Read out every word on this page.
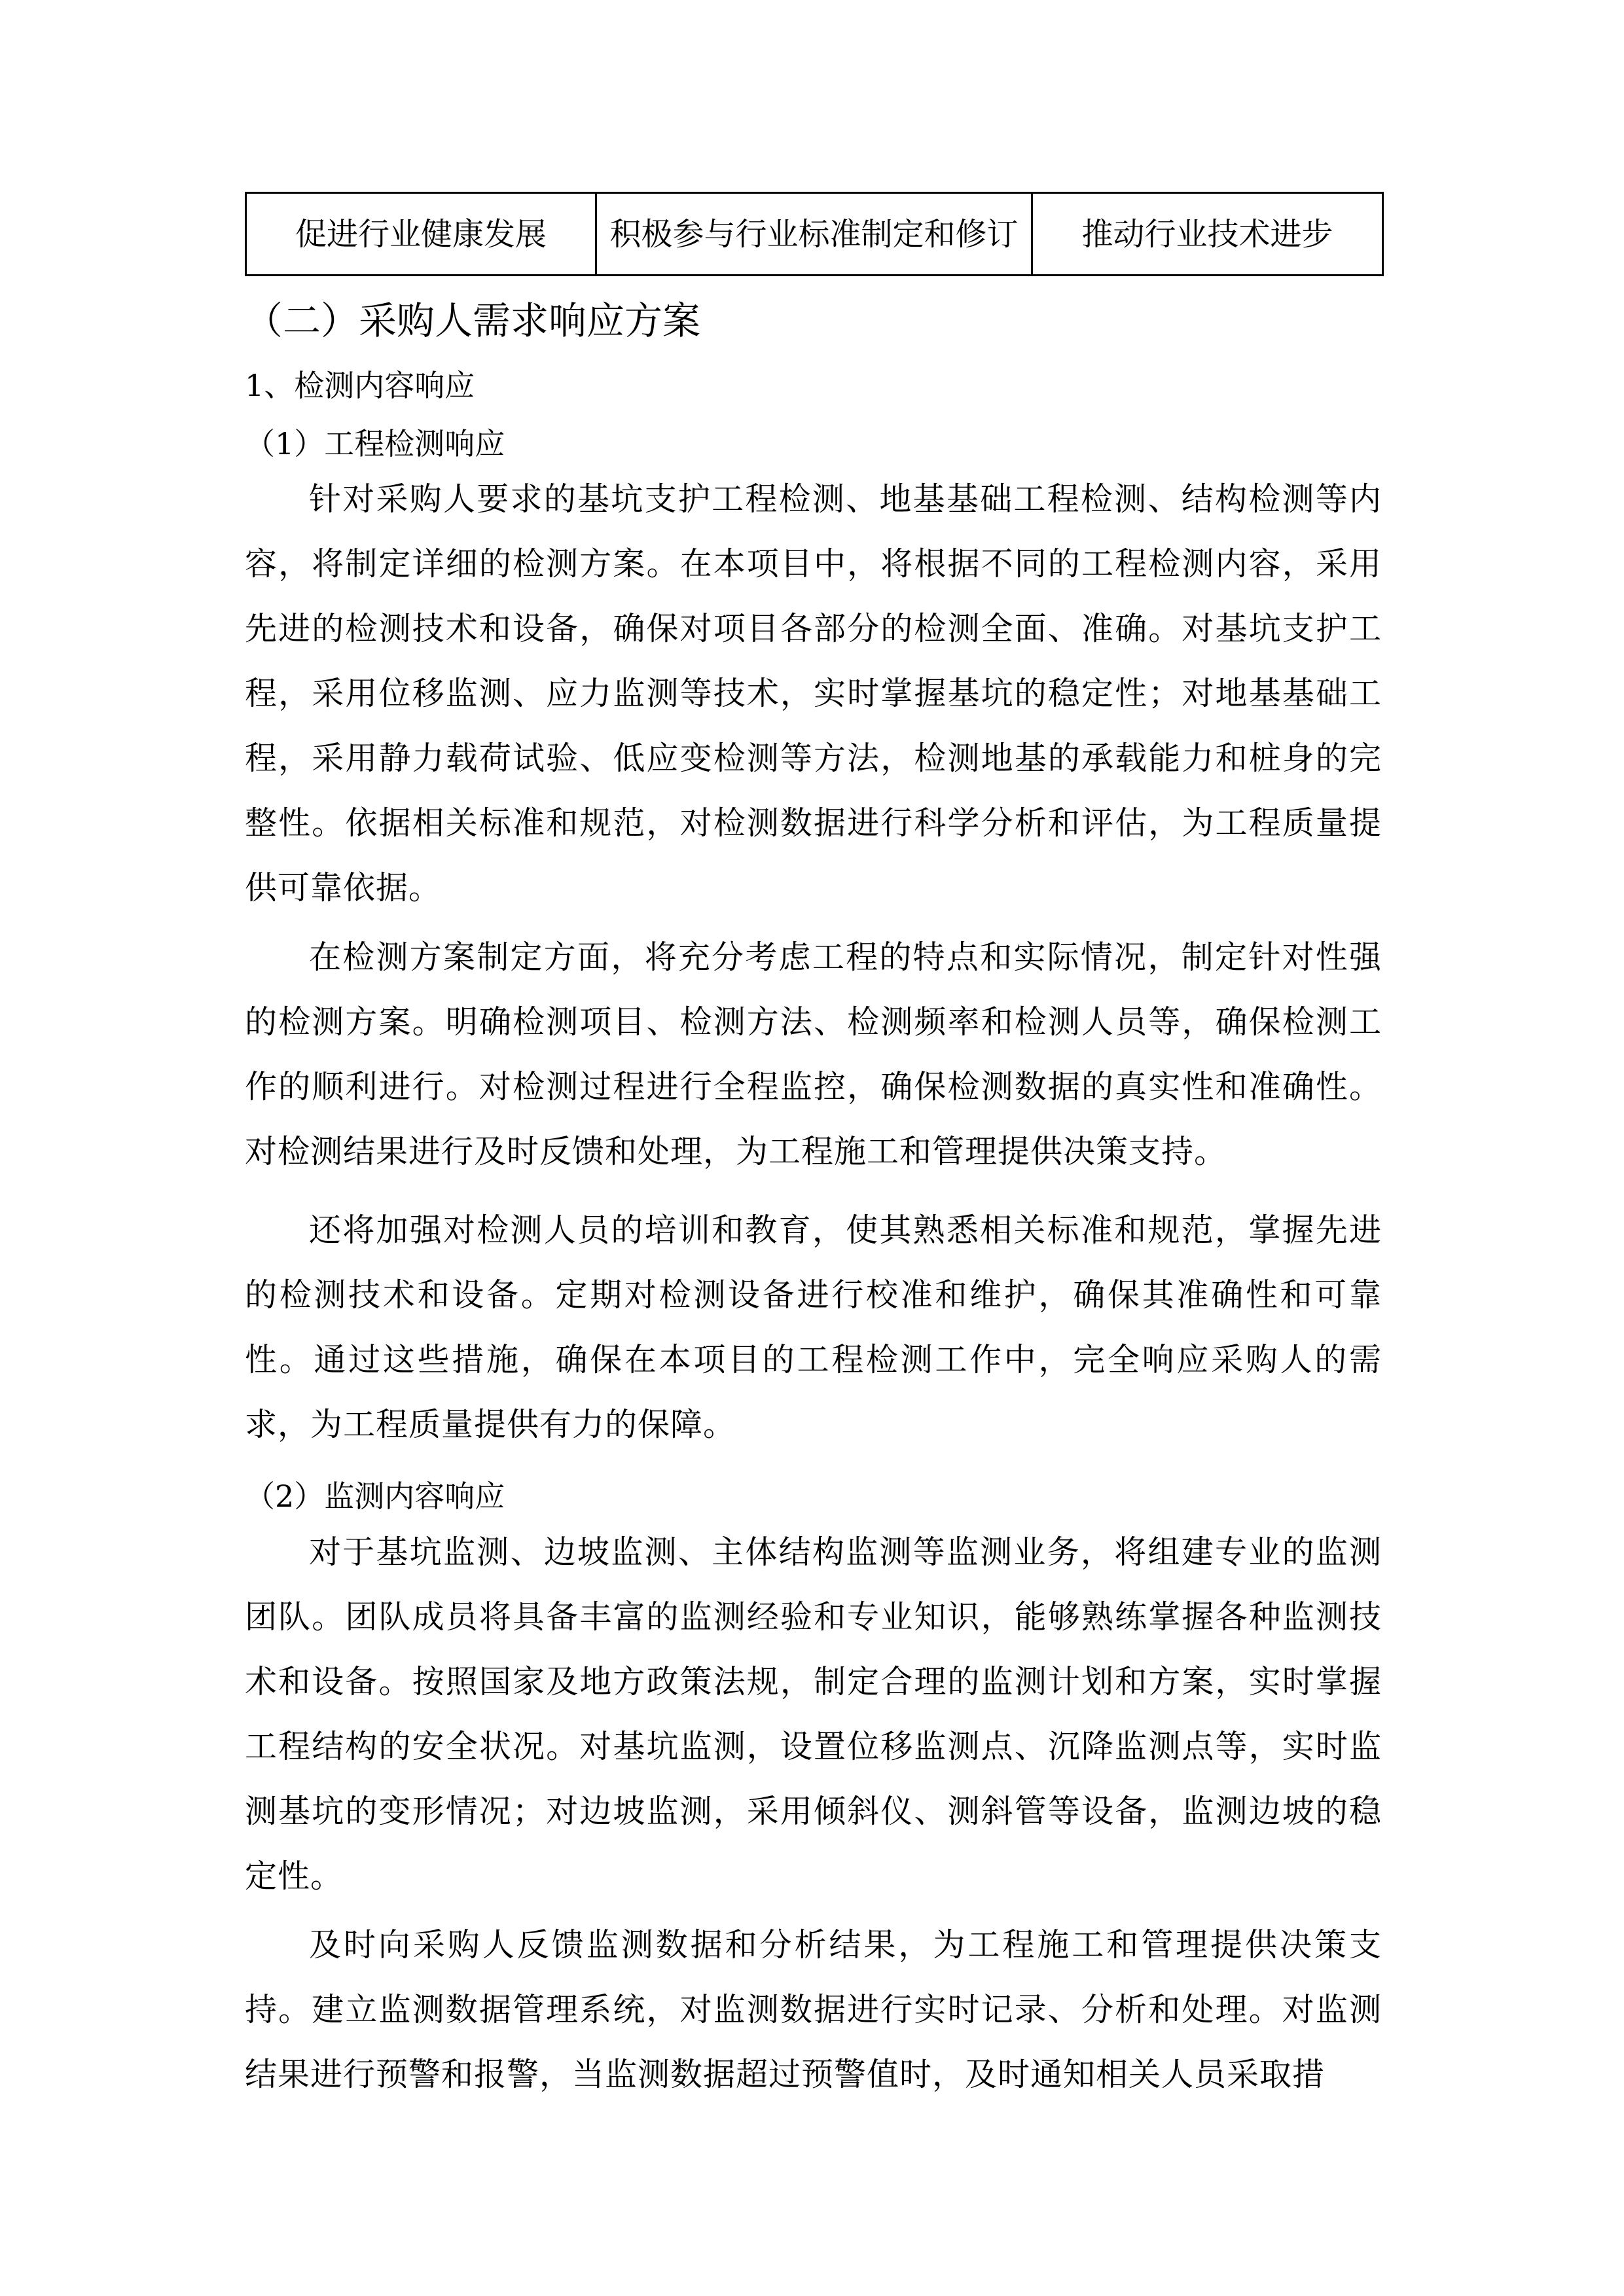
促进行业健康发展	积极参与行业标准制定和修订	推动行业技术进步
（二）采购人需求响应方案
1、检测内容响应
（1）工程检测响应
针对采购人要求的基坑支护工程检测、地基基础工程检测、结构检测等内容，将制定详细的检测方案。在本项目中，将根据不同的工程检测内容，采用先进的检测技术和设备，确保对项目各部分的检测全面、准确。对基坑支护工程，采用位移监测、应力监测等技术，实时掌握基坑的稳定性；对地基基础工程，采用静力载荷试验、低应变检测等方法，检测地基的承载能力和桩身的完整性。依据相关标准和规范，对检测数据进行科学分析和评估，为工程质量提供可靠依据。
在检测方案制定方面，将充分考虑工程的特点和实际情况，制定针对性强的检测方案。明确检测项目、检测方法、检测频率和检测人员等，确保检测工作的顺利进行。对检测过程进行全程监控，确保检测数据的真实性和准确性。对检测结果进行及时反馈和处理，为工程施工和管理提供决策支持。
还将加强对检测人员的培训和教育，使其熟悉相关标准和规范，掌握先进的检测技术和设备。定期对检测设备进行校准和维护，确保其准确性和可靠性。通过这些措施，确保在本项目的工程检测工作中，完全响应采购人的需求，为工程质量提供有力的保障。
（2）监测内容响应
对于基坑监测、边坡监测、主体结构监测等监测业务，将组建专业的监测团队。团队成员将具备丰富的监测经验和专业知识，能够熟练掌握各种监测技术和设备。按照国家及地方政策法规，制定合理的监测计划和方案，实时掌握工程结构的安全状况。对基坑监测，设置位移监测点、沉降监测点等，实时监测基坑的变形情况；对边坡监测，采用倾斜仪、测斜管等设备，监测边坡的稳定性。
及时向采购人反馈监测数据和分析结果，为工程施工和管理提供决策支持。建立监测数据管理系统，对监测数据进行实时记录、分析和处理。对监测结果进行预警和报警，当监测数据超过预警值时，及时通知相关人员采取措
